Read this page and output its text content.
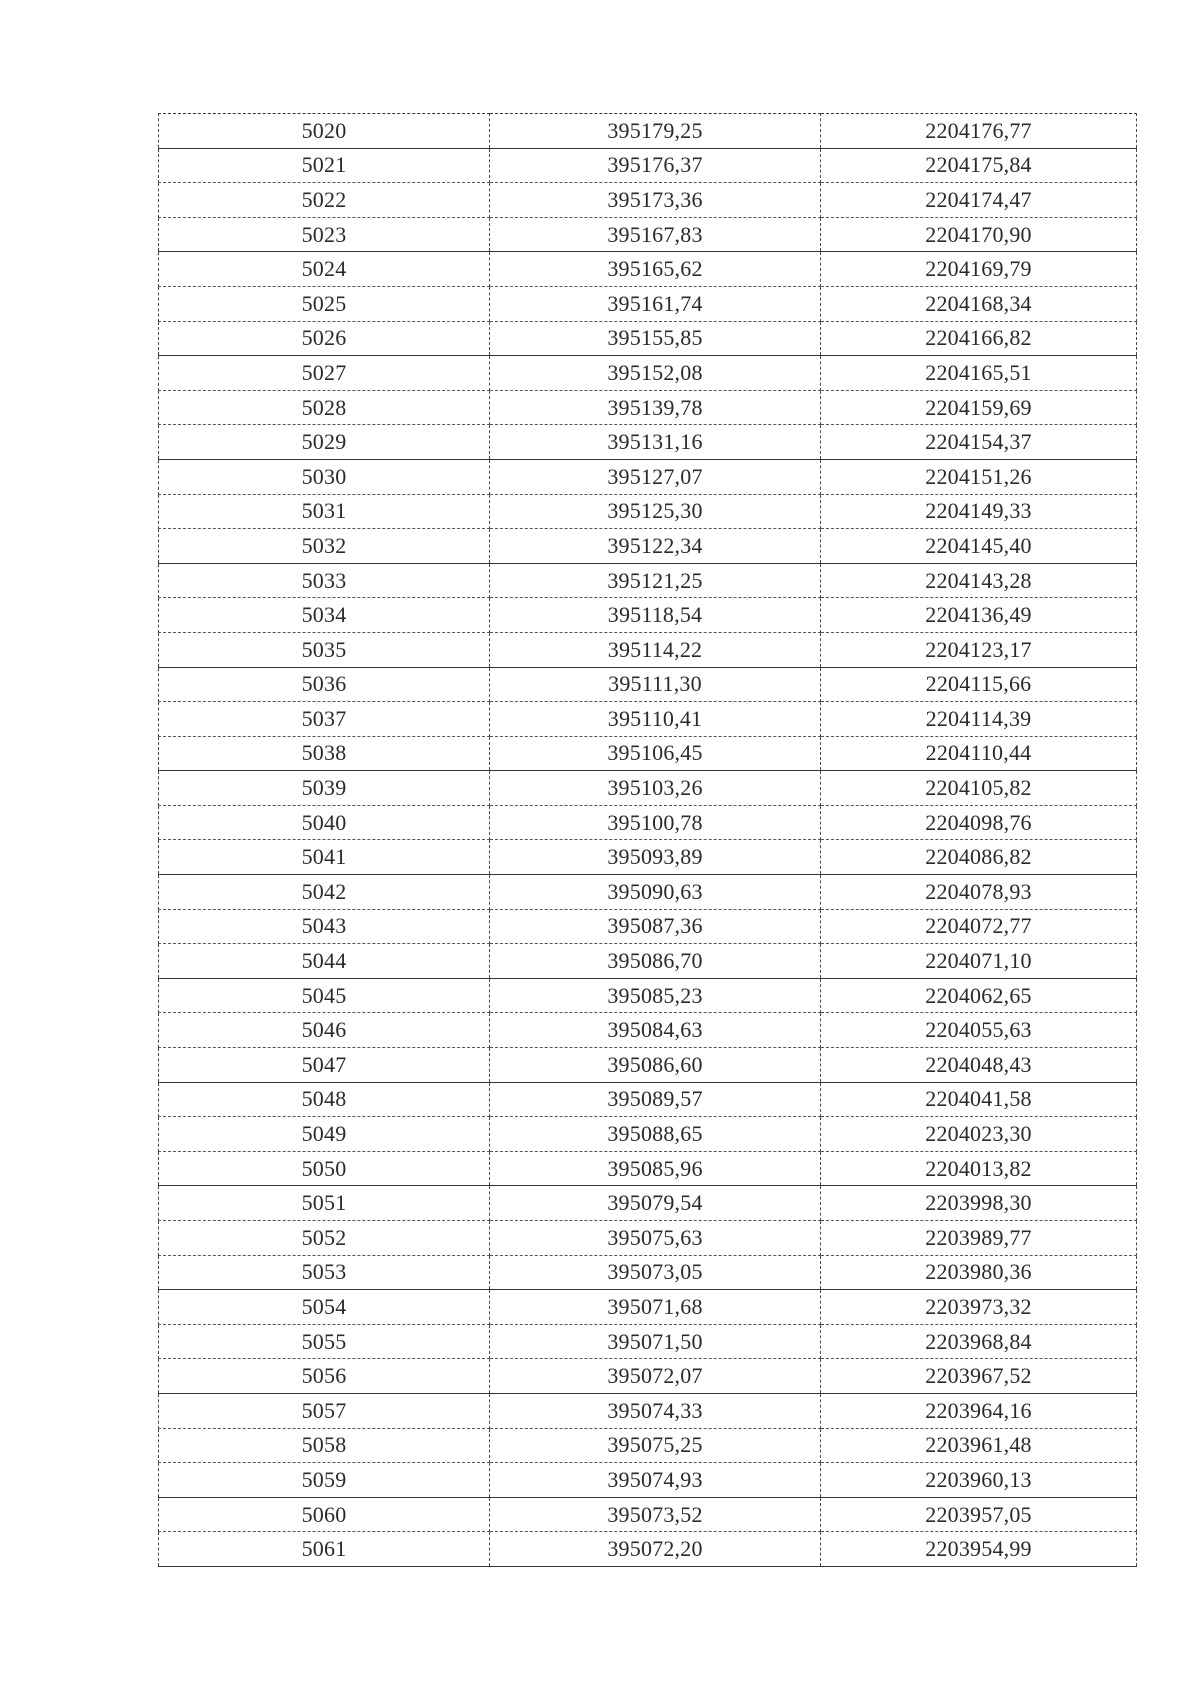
5020	395179,25	2204176,77
5021	395176,37	2204175,84
5022	395173,36	2204174,47
5023	395167,83	2204170,90
5024	395165,62	2204169,79
5025	395161,74	2204168,34
5026	395155,85	2204166,82
5027	395152,08	2204165,51
5028	395139,78	2204159,69
5029	395131,16	2204154,37
5030	395127,07	2204151,26
5031	395125,30	2204149,33
5032	395122,34	2204145,40
5033	395121,25	2204143,28
5034	395118,54	2204136,49
5035	395114,22	2204123,17
5036	395111,30	2204115,66
5037	395110,41	2204114,39
5038	395106,45	2204110,44
5039	395103,26	2204105,82
5040	395100,78	2204098,76
5041	395093,89	2204086,82
5042	395090,63	2204078,93
5043	395087,36	2204072,77
5044	395086,70	2204071,10
5045	395085,23	2204062,65
5046	395084,63	2204055,63
5047	395086,60	2204048,43
5048	395089,57	2204041,58
5049	395088,65	2204023,30
5050	395085,96	2204013,82
5051	395079,54	2203998,30
5052	395075,63	2203989,77
5053	395073,05	2203980,36
5054	395071,68	2203973,32
5055	395071,50	2203968,84
5056	395072,07	2203967,52
5057	395074,33	2203964,16
5058	395075,25	2203961,48
5059	395074,93	2203960,13
5060	395073,52	2203957,05
5061	395072,20	2203954,99
